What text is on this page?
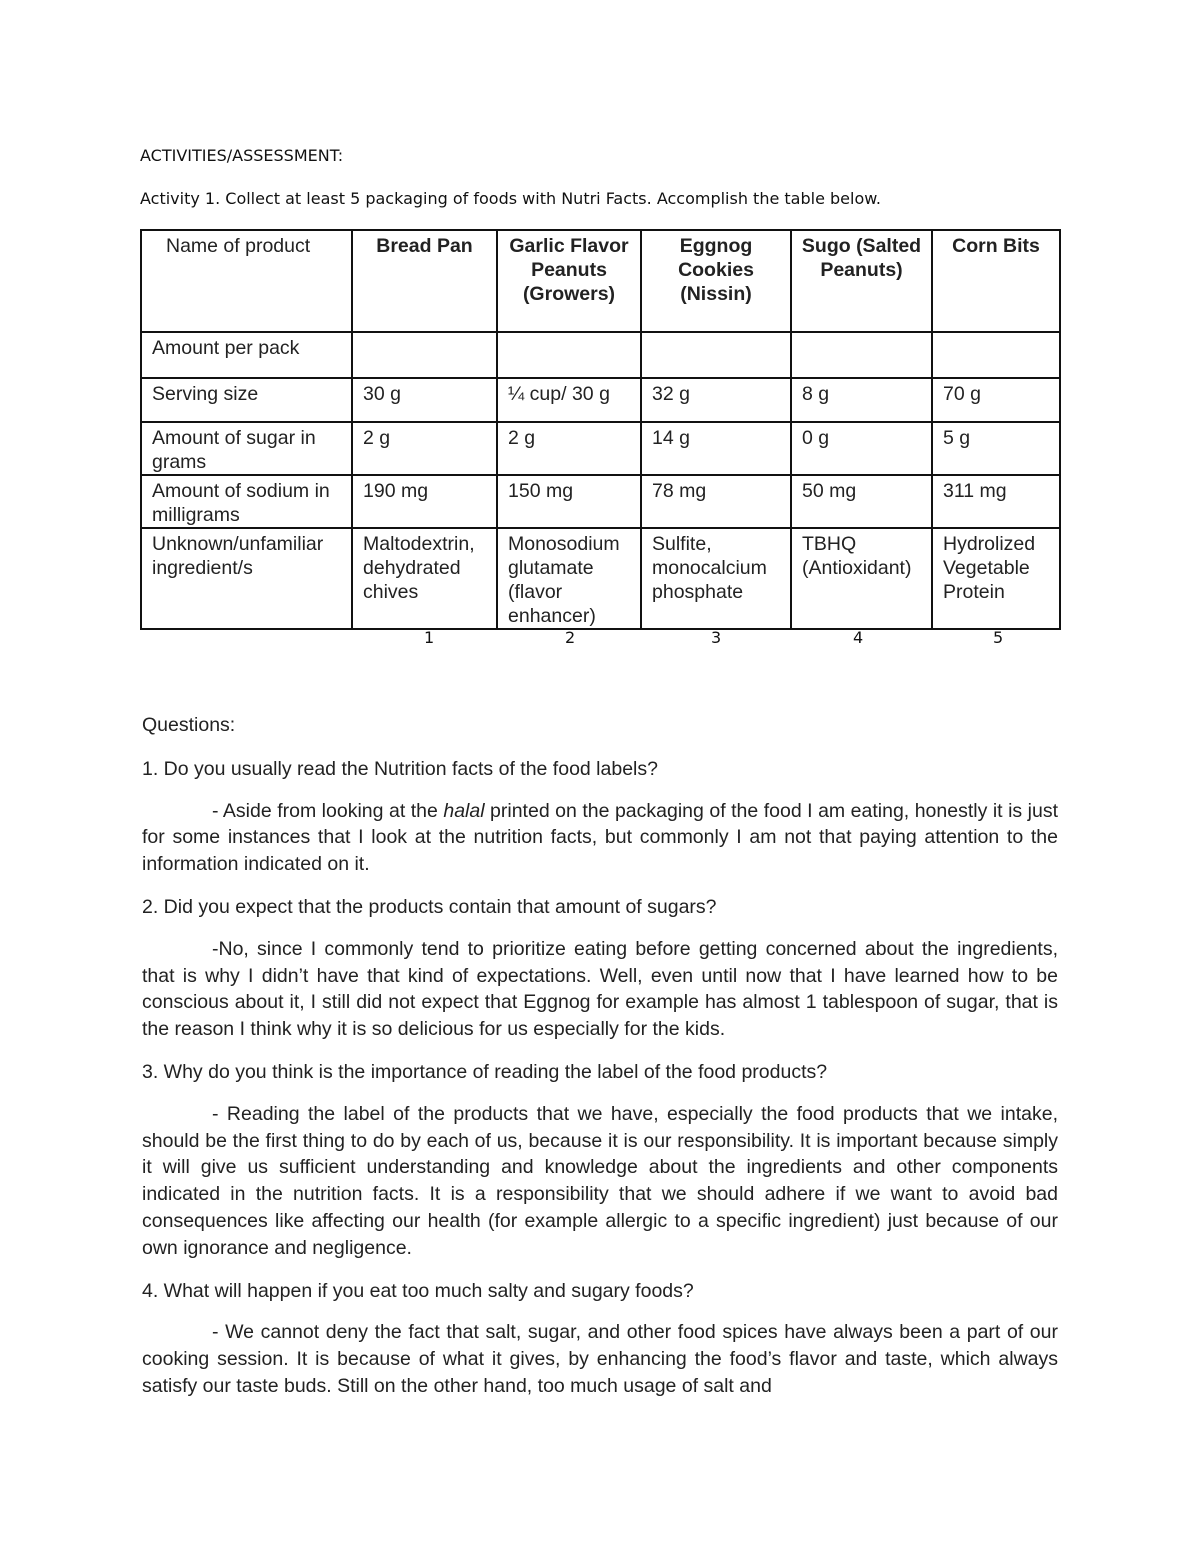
ACTIVITIES/ASSESSMENT:
Activity 1. Collect at least 5 packaging of foods with Nutri Facts. Accomplish the table below.
Name of product	Bread Pan	Garlic Flavor Peanuts (Growers)	Eggnog Cookies (Nissin)	Sugo (Salted Peanuts)	Corn Bits
Amount per pack					
Serving size	30 g	¼ cup/ 30 g	32 g	8 g	70 g
Amount of sugar in grams	2 g	2 g	14 g	0 g	5 g
Amount of sodium in milligrams	190 mg	150 mg	78 mg	50 mg	311 mg
Unknown/unfamiliar ingredient/s	Maltodextrin, dehydrated chives	Monosodium glutamate (flavor enhancer)	Sulfite, monocalcium phosphate	TBHQ (Antioxidant)	Hydrolized Vegetable Protein
1	2	3	4	5

Questions:

1. Do you usually read the Nutrition facts of the food labels?

- Aside from looking at the halal printed on the packaging of the food I am eating, honestly it is just for some instances that I look at the nutrition facts, but commonly I am not that paying attention to the information indicated on it.

2. Did you expect that the products contain that amount of sugars?

-No, since I commonly tend to prioritize eating before getting concerned about the ingredients, that is why I didn’t have that kind of expectations. Well, even until now that I have learned how to be conscious about it, I still did not expect that Eggnog for example has almost 1 tablespoon of sugar, that is the reason I think why it is so delicious for us especially for the kids.

3. Why do you think is the importance of reading the label of the food products?

- Reading the label of the products that we have, especially the food products that we intake, should be the first thing to do by each of us, because it is our responsibility. It is important because simply it will give us sufficient understanding and knowledge about the ingredients and other components indicated in the nutrition facts. It is a responsibility that we should adhere if we want to avoid bad consequences like affecting our health (for example allergic to a specific ingredient) just because of our own ignorance and negligence.

4. What will happen if you eat too much salty and sugary foods?

- We cannot deny the fact that salt, sugar, and other food spices have always been a part of our cooking session. It is because of what it gives, by enhancing the food’s flavor and taste, which always satisfy our taste buds. Still on the other hand, too much usage of salt and
